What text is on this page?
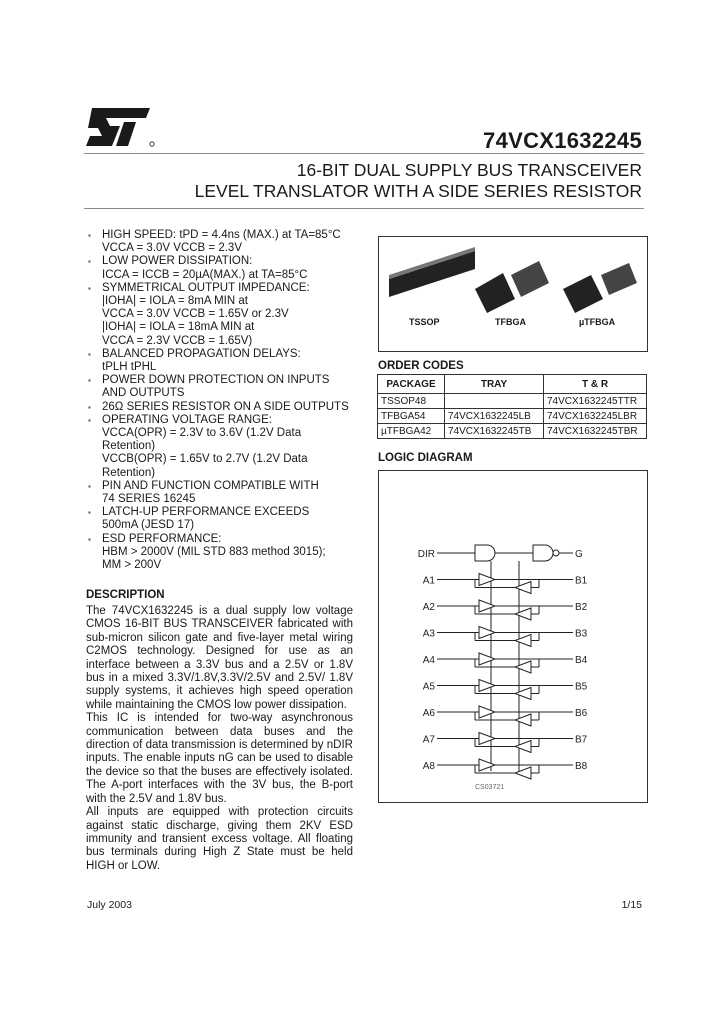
74VCX1632245
16-BIT DUAL SUPPLY BUS TRANSCEIVER
LEVEL TRANSLATOR WITH A SIDE SERIES RESISTOR
▪ HIGH SPEED: tPD = 4.4ns (MAX.) at TA=85°C
VCCA = 3.0V VCCB = 2.3V
▪ LOW POWER DISSIPATION:
ICCA = ICCB = 20µA(MAX.) at TA=85°C
▪ SYMMETRICAL OUTPUT IMPEDANCE:
|IOHA| = IOLA = 8mA MIN at
VCCA = 3.0V VCCB = 1.65V or 2.3V
|IOHA| = IOLA = 18mA MIN at
VCCA = 2.3V VCCB = 1.65V)
▪ BALANCED PROPAGATION DELAYS:
tPLH tPHL
▪ POWER DOWN PROTECTION ON INPUTS
AND OUTPUTS
▪ 26Ω SERIES RESISTOR ON A SIDE OUTPUTS
▪ OPERATING VOLTAGE RANGE:
VCCA(OPR) = 2.3V to 3.6V (1.2V Data
Retention)
VCCB(OPR) = 1.65V to 2.7V (1.2V Data
Retention)
▪ PIN AND FUNCTION COMPATIBLE WITH
74 SERIES 16245
▪ LATCH-UP PERFORMANCE EXCEEDS
500mA (JESD 17)
▪ ESD PERFORMANCE:
HBM > 2000V (MIL STD 883 method 3015);
MM > 200V
DESCRIPTION

The 74VCX1632245 is a dual supply low voltage CMOS 16-BIT BUS TRANSCEIVER fabricated with sub-micron silicon gate and five-layer metal wiring C2MOS technology. Designed for use as an interface between a 3.3V bus and a 2.5V or 1.8V bus in a mixed 3.3V/1.8V,3.3V/2.5V and 2.5V/ 1.8V supply systems, it achieves high speed operation while maintaining the CMOS low power dissipation.

This IC is intended for two-way asynchronous communication between data buses and the direction of data transmission is determined by nDIR inputs. The enable inputs nG can be used to disable the device so that the buses are effectively isolated. The A-port interfaces with the 3V bus, the B-port with the 2.5V and 1.8V bus.

All inputs are equipped with protection circuits against static discharge, giving them 2KV ESD immunity and transient excess voltage. All floating bus terminals during High Z State must be held HIGH or LOW.

TSSOP	TFBGA	µTFBGA
ORDER CODES
PACKAGE	TRAY	T & R
TSSOP48		74VCX1632245TTR
TFBGA54	74VCX1632245LB	74VCX1632245LBR
µTFBGA42	74VCX1632245TB	74VCX1632245TBR
LOGIC DIAGRAM
DIR	G
A1	B1
A2	B2
A3	B3
A4	B4
A5	B5
A6	B6
A7	B7
A8	B8
CS03721
July 2003	1/15
